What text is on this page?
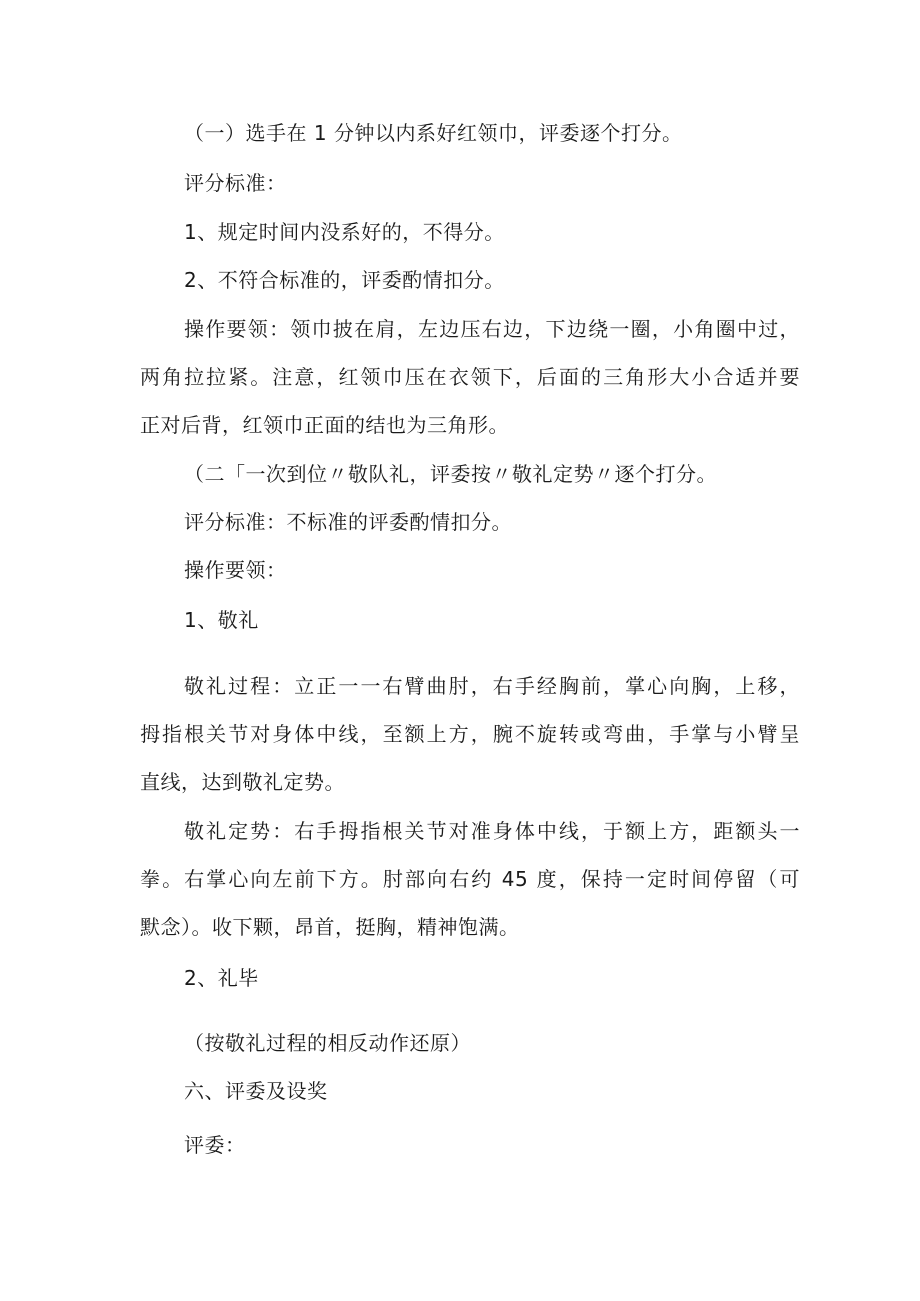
（一）选手在 1 分钟以内系好红领巾，评委逐个打分。
评分标准：
1、规定时间内没系好的，不得分。
2、不符合标准的，评委酌情扣分。
操作要领：领巾披在肩，左边压右边，下边绕一圈，小角圈中过，
两角拉拉紧。注意，红领巾压在衣领下，后面的三角形大小合适并要
正对后背，红领巾正面的结也为三角形。
（二「一次到位〃敬队礼，评委按〃敬礼定势〃逐个打分。
评分标准：不标准的评委酌情扣分。
操作要领：
1、敬礼
敬礼过程：立正一一右臂曲肘，右手经胸前，掌心向胸，上移，
拇指根关节对身体中线，至额上方，腕不旋转或弯曲，手掌与小臂呈
直线，达到敬礼定势。
敬礼定势：右手拇指根关节对准身体中线，于额上方，距额头一
拳。右掌心向左前下方。肘部向右约 45 度，保持一定时间停留（可
默念）。收下颗，昂首，挺胸，精神饱满。
2、礼毕
（按敬礼过程的相反动作还原）
六、评委及设奖
评委：
